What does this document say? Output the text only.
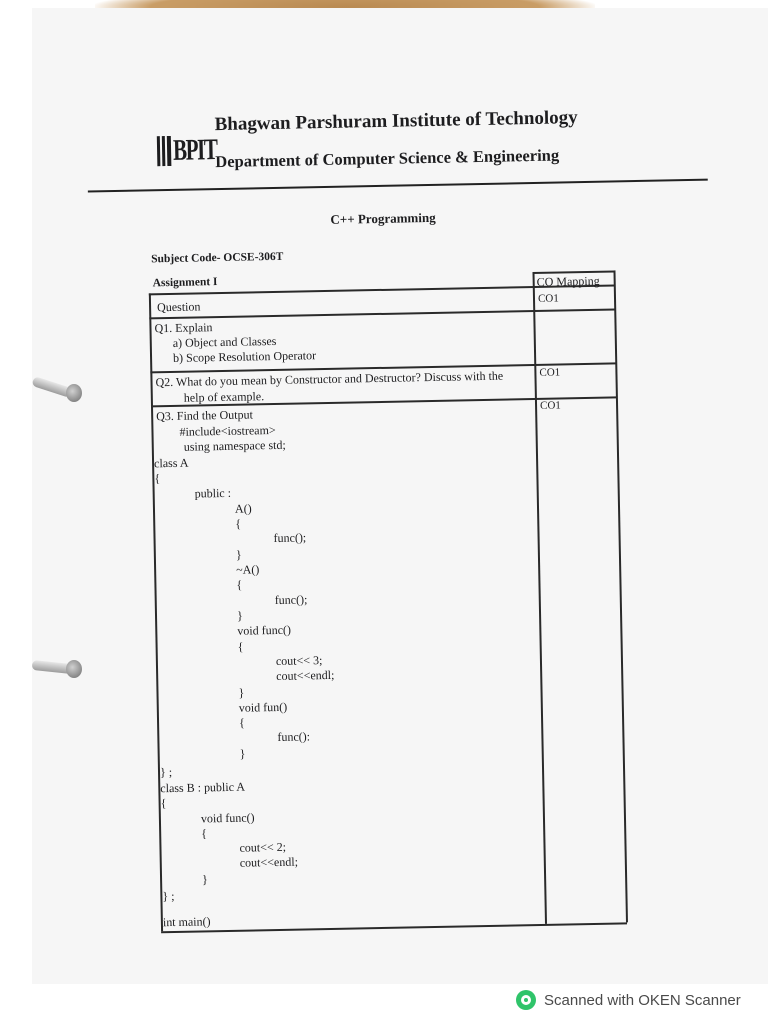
BPIT
Bhagwan Parshuram Institute of Technology
Department of Computer Science & Engineering
C++ Programming
Subject Code- OCSE-306T
Assignment I	CO Mapping
Question
CO1
Q1. Explain
a) Object and Classes
b) Scope Resolution Operator
Q2. What do you mean by Constructor and Destructor? Discuss with the	CO1
help of example.
Q3. Find the Output
CO1
#include<iostream>
using namespace std;
class A
{
public :
A()
{
func();
}
~A()
{
func();
}
void func()
{
cout<< 3;
cout<<endl;
}
void fun()
{
func():
}
} ;
class B : public A
{
void func()
{
cout<< 2;
cout<<endl;
}
} ;
int main()
Scanned with OKEN Scanner
